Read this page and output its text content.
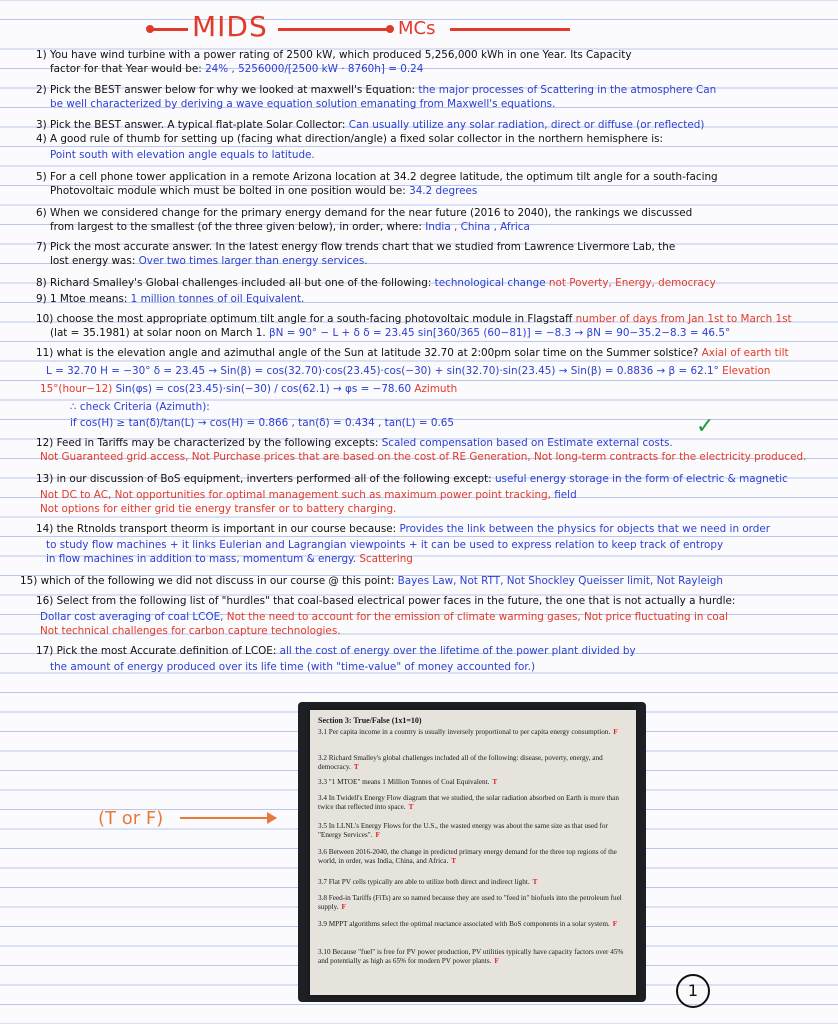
MIDS	MCs
1) You have wind turbine with a power rating of 2500 kW, which produced 5,256,000 kWh in one Year. Its Capacity
factor for that Year would be: 24% , 5256000/[2500 kW · 8760h] = 0.24
2) Pick the BEST answer below for why we looked at maxwell's Equation: the major processes of Scattering in the atmosphere Can
be well characterized by deriving a wave equation solution emanating from Maxwell's equations.
3) Pick the BEST answer. A typical flat-plate Solar Collector: Can usually utilize any solar radiation, direct or diffuse (or reflected)
4) A good rule of thumb for setting up (facing what direction/angle) a fixed solar collector in the northern hemisphere is:
Point south with elevation angle equals to latitude.
5) For a cell phone tower application in a remote Arizona location at 34.2 degree latitude, the optimum tilt angle for a south-facing
Photovoltaic module which must be bolted in one position would be: 34.2 degrees
6) When we considered change for the primary energy demand for the near future (2016 to 2040), the rankings we discussed
from largest to the smallest (of the three given below), in order, where: India , China , Africa
7) Pick the most accurate answer. In the latest energy flow trends chart that we studied from Lawrence Livermore Lab, the
lost energy was: Over two times larger than energy services.
8) Richard Smalley's Global challenges included all but one of the following: technological change not Poverty, Energy, democracy
9) 1 Mtoe means: 1 million tonnes of oil Equivalent.
10) choose the most appropriate optimum tilt angle for a south-facing photovoltaic module in Flagstaff number of days from Jan 1st to March 1st
(lat = 35.1981) at solar noon on March 1. βN = 90° − L + δ δ = 23.45 sin[360/365 (60−81)] = −8.3 → βN = 90−35.2−8.3 = 46.5°
11) what is the elevation angle and azimuthal angle of the Sun at latitude 32.70 at 2:00pm solar time on the Summer solstice? Axial of earth tilt
L = 32.70 H = −30° δ = 23.45 → Sin(β) = cos(32.70)·cos(23.45)·cos(−30) + sin(32.70)·sin(23.45) → Sin(β) = 0.8836 → β = 62.1° Elevation
15°(hour−12) Sin(φs) = cos(23.45)·sin(−30) / cos(62.1) → φs = −78.60 Azimuth
∴ check Criteria (Azimuth):
if cos(H) ≥ tan(δ)/tan(L) → cos(H) = 0.866 , tan(δ) = 0.434 , tan(L) = 0.65
12) Feed in Tariffs may be characterized by the following excepts: Scaled compensation based on Estimate external costs.
Not Guaranteed grid access, Not Purchase prices that are based on the cost of RE Generation, Not long-term contracts for the electricity produced.
13) in our discussion of BoS equipment, inverters performed all of the following except: useful energy storage in the form of electric & magnetic
Not DC to AC, Not opportunities for optimal management such as maximum power point tracking, field
Not options for either grid tie energy transfer or to battery charging.
14) the Rtnolds transport theorm is important in our course because: Provides the link between the physics for objects that we need in order
to study flow machines + it links Eulerian and Lagrangian viewpoints + it can be used to express relation to keep track of entropy
in flow machines in addition to mass, momentum & energy. Scattering
15) which of the following we did not discuss in our course @ this point: Bayes Law, Not RTT, Not Shockley Queisser limit, Not Rayleigh
16) Select from the following list of "hurdles" that coal-based electrical power faces in the future, the one that is not actually a hurdle:
Dollar cost averaging of coal LCOE, Not the need to account for the emission of climate warming gases, Not price fluctuating in coal
Not technical challenges for carbon capture technologies.
17) Pick the most Accurate definition of LCOE: all the cost of energy over the lifetime of the power plant divided by
the amount of energy produced over its life time (with "time-value" of money accounted for.)
✓
(T or F)
Section 3: True/False (1x1=10)
3.1 Per capita income in a country is usually inversely proportional to per capita energy consumption. F
3.2 Richard Smalley's global challenges included all of the following: disease, poverty, energy, and democracy. T
3.3 "1 MTOE" means 1 Million Tonnes of Coal Equivalent. T
3.4 In Twidell's Energy Flow diagram that we studied, the solar radiation absorbed on Earth is more than twice that reflected into space. T
3.5 In LLNL's Energy Flows for the U.S., the wasted energy was about the same size as that used for "Energy Services". F
3.6 Between 2016-2040, the change in predicted primary energy demand for the three top regions of the world, in order, was India, China, and Africa. T
3.7 Flat PV cells typically are able to utilize both direct and indirect light. T
3.8 Feed-in Tariffs (FiTs) are so named because they are used to "feed in" biofuels into the petroleum fuel supply. F
3.9 MPPT algorithms select the optimal reactance associated with BoS components in a solar system. F
3.10 Because "fuel" is free for PV power production, PV utilities typically have capacity factors over 45% and potentially as high as 65% for modern PV power plants. F
1
